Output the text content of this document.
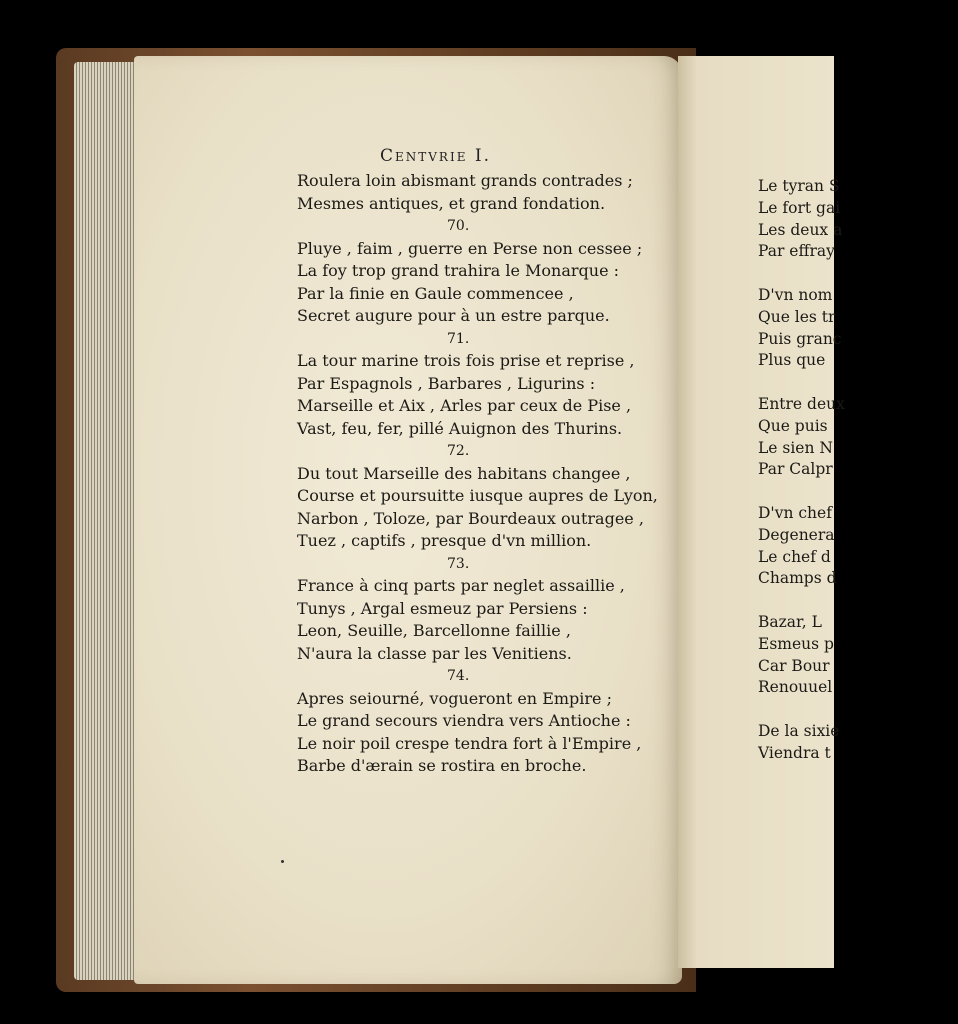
Le tyran S
Le fort gai
Les deux a
Par effray
D'vn nom
Que les tr
Puis granc
Plus que
Entre deux
Que puis
Le sien N
Par Calpr
D'vn chef
Degenera
Le chef d
Champs d
Bazar, L
Esmeus p
Car Bour
Renouuel
De la sixie
Viendra t
Centvrie I.
Roulera loin abismant grands contrades ;
Mesmes antiques, et grand fondation.
70.
Pluye , faim , guerre en Perse non cessee ;
La foy trop grand trahira le Monarque :
Par la finie en Gaule commencee ,
Secret augure pour à un estre parque.
71.
La tour marine trois fois prise et reprise ,
Par Espagnols , Barbares , Ligurins :
Marseille et Aix , Arles par ceux de Pise ,
Vast, feu, fer, pillé Auignon des Thurins.
72.
Du tout Marseille des habitans changee ,
Course et poursuitte iusque aupres de Lyon,
Narbon , Toloze, par Bourdeaux outragee ,
Tuez , captifs , presque d'vn million.
73.
France à cinq parts par neglet assaillie ,
Tunys , Argal esmeuz par Persiens :
Leon, Seuille, Barcellonne faillie ,
N'aura la classe par les Venitiens.
74.
Apres seiourné, vogueront en Empire ;
Le grand secours viendra vers Antioche :
Le noir poil crespe tendra fort à l'Empire ,
Barbe d'ærain se rostira en broche.
